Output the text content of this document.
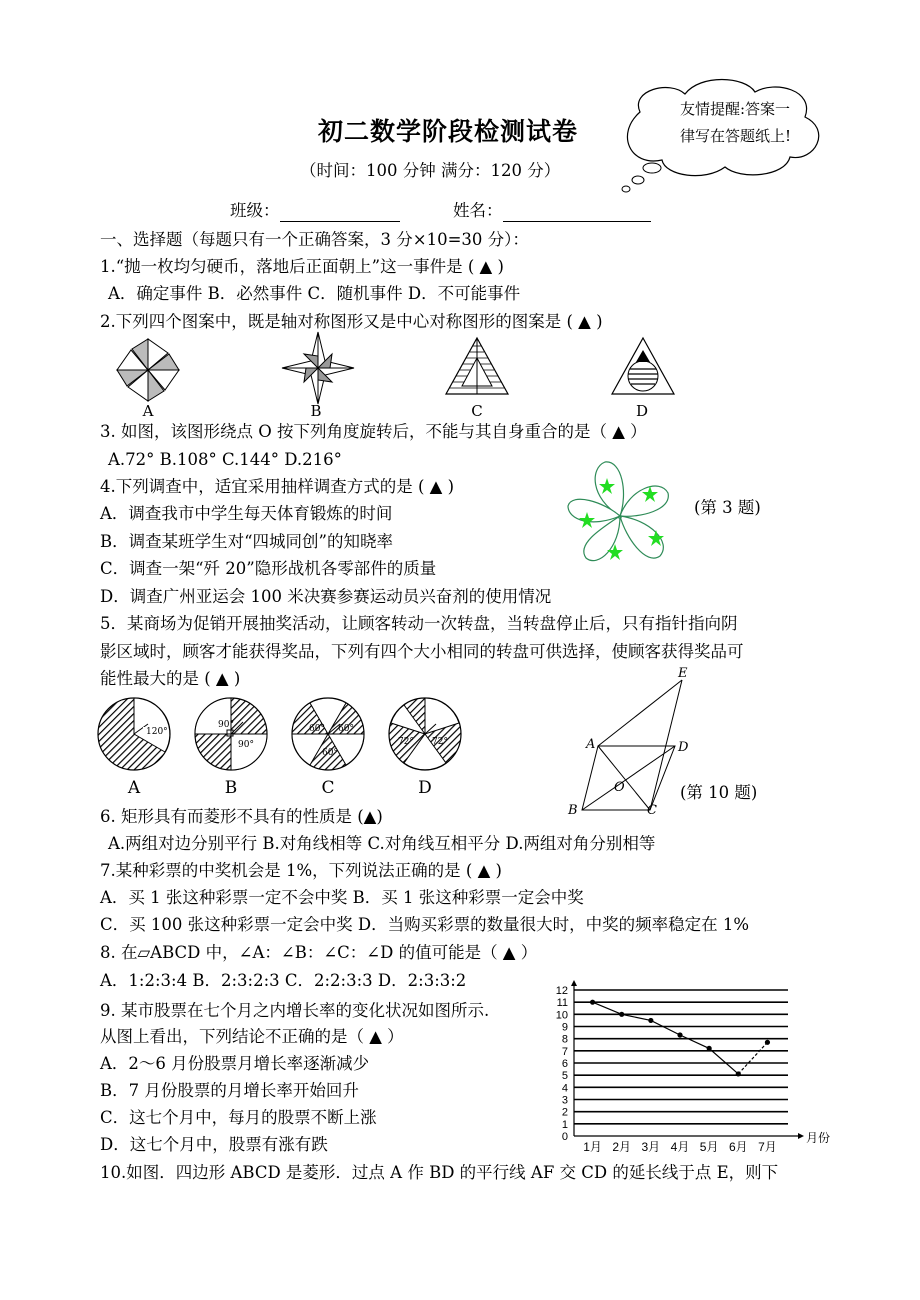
友情提醒:答案一
律写在答题纸上!
初二数学阶段检测试卷
（时间：100 分钟 满分：120 分）
班级：	姓名：
一、选择题（每题只有一个正确答案，3 分×10=30 分）：
1.“抛一枚均匀硬币，落地后正面朝上”这一事件是 ( ▲ )
A．确定事件 B．必然事件 C．随机事件 D．不可能事件
2.下列四个图案中，既是轴对称图形又是中心对称图形的图案是 ( ▲ )
A	B	C	D
3. 如图，该图形绕点 O 按下列角度旋转后，不能与其自身重合的是（ ▲ ）
A.72° B.108° C.144° D.216°
o	(第 3 题)
4.下列调查中，适宜采用抽样调查方式的是 ( ▲ )
A．调查我市中学生每天体育锻炼的时间
B．调查某班学生对“四城同创”的知晓率
C．调查一架“歼 20”隐形战机各零部件的质量
D．调查广州亚运会 100 米决赛参赛运动员兴奋剂的使用情况
5．某商场为促销开展抽奖活动，让顾客转动一次转盘，当转盘停止后，只有指针指向阴
影区域时，顾客才能获得奖品，下列有四个大小相同的转盘可供选择，使顾客获得奖品可
能性最大的是 ( ▲ )
120°
90°
90°
60° 60°
60°
72° 72°
A	B	C	D
E
A	D
O
B	C
(第 10 题)
6. 矩形具有而菱形不具有的性质是 (▲)
A.两组对边分别平行 B.对角线相等 C.对角线互相平分 D.两组对角分别相等
7.某种彩票的中奖机会是 1%，下列说法正确的是 ( ▲ )
A．买 1 张这种彩票一定不会中奖 B．买 1 张这种彩票一定会中奖
C．买 100 张这种彩票一定会中奖 D．当购买彩票的数量很大时，中奖的频率稳定在 1%
8. 在▱ABCD 中，∠A：∠B：∠C：∠D 的值可能是（ ▲ ）
A．1:2:3:4 B．2:3:2:3 C．2:2:3:3 D．2:3:3:2
9. 某市股票在七个月之内增长率的变化状况如图所示.
从图上看出，下列结论不正确的是（ ▲ ）
A．2～6 月份股票月增长率逐渐减少
B．7 月份股票的月增长率开始回升
C．这七个月中，每月的股票不断上涨
D．这七个月中，股票有涨有跌	0
1
2
3
4
5
6
7
8
9
10
11
12
1月 2月 3月 4月 5月 6月 7月
月份
10.如图．四边形 ABCD 是菱形．过点 A 作 BD 的平行线 AF 交 CD 的延长线于点 E，则下
